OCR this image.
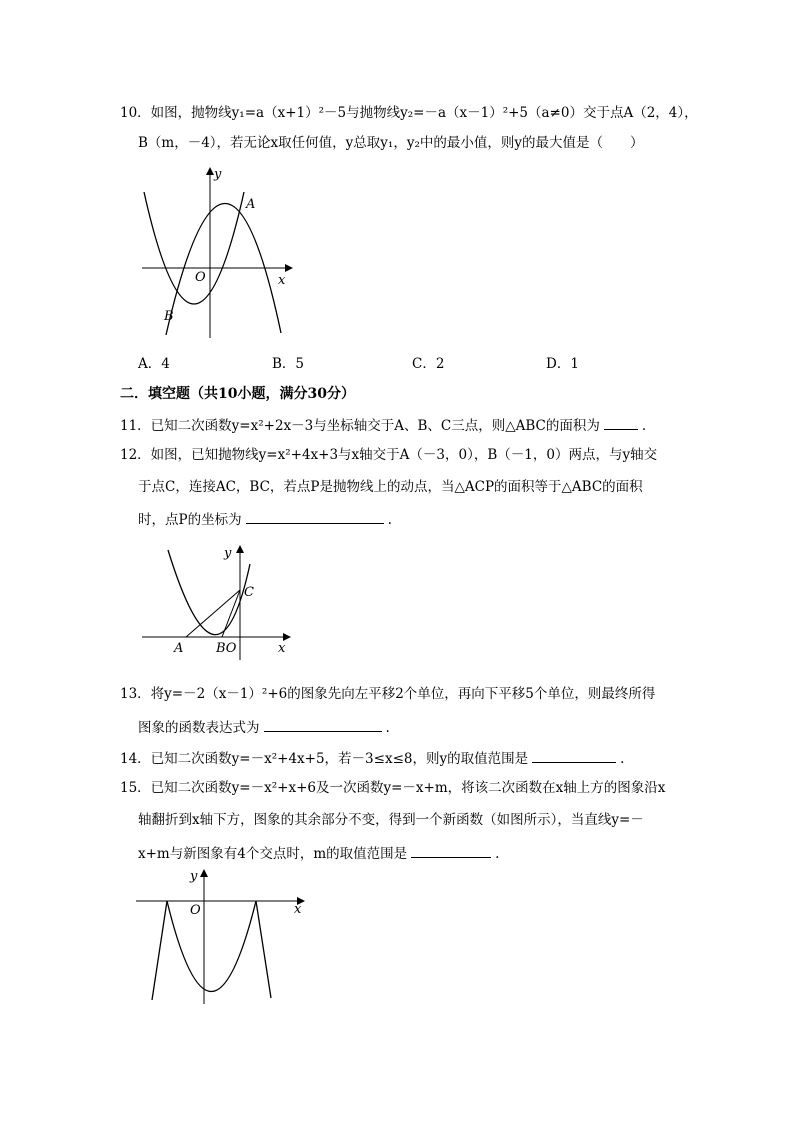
10．如图，抛物线y₁=a（x+1）²－5与抛物线y₂=－a（x－1）²+5（a≠0）交于点A（2，4），
B（m，－4），若无论x取任何值，y总取y₁，y₂中的最小值，则y的最大值是（　　）
y
x
O
A
B
A．4	B．5	C．2	D．1
二．填空题（共10小题，满分30分）
11．已知二次函数y=x²+2x－3与坐标轴交于A、B、C三点，则△ABC的面积为	.
12．如图，已知抛物线y=x²+4x+3与x轴交于A（－3，0），B（－1，0）两点，与y轴交
于点C，连接AC，BC，若点P是抛物线上的动点，当△ACP的面积等于△ABC的面积
时，点P的坐标为	.
y
x
C
A	BO
13．将y=－2（x－1）²+6的图象先向左平移2个单位，再向下平移5个单位，则最终所得
图象的函数表达式为	.
14．已知二次函数y=－x²+4x+5，若－3≤x≤8，则y的取值范围是	.
15．已知二次函数y=－x²+x+6及一次函数y=－x+m，将该二次函数在x轴上方的图象沿x
轴翻折到x轴下方，图象的其余部分不变，得到一个新函数（如图所示），当直线y=－
x+m与新图象有4个交点时，m的取值范围是	.
y
x
O
